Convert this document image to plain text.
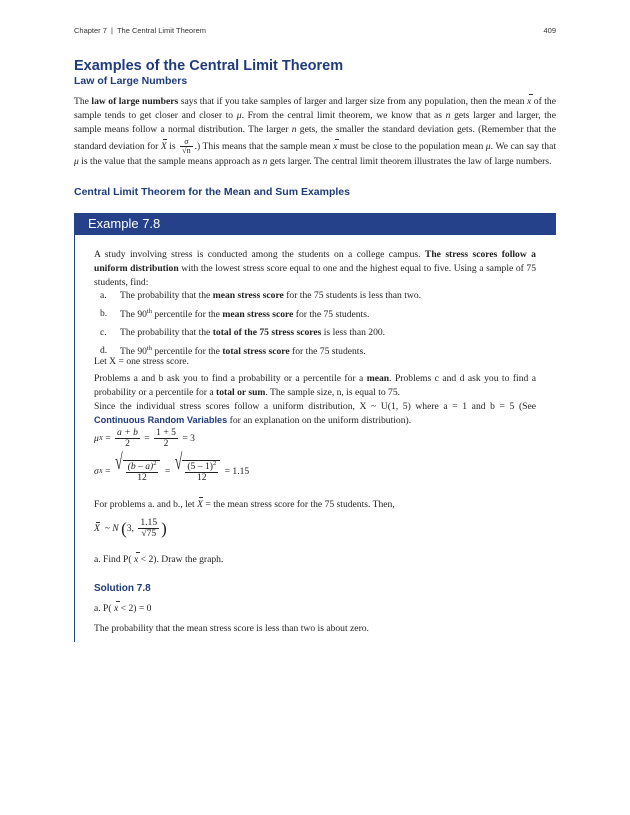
Chapter 7 | The Central Limit Theorem	409
Examples of the Central Limit Theorem
Law of Large Numbers

The law of large numbers says that if you take samples of larger and larger size from any population, then the mean x of the sample tends to get closer and closer to μ. From the central limit theorem, we know that as n gets larger and larger, the sample means follow a normal distribution. The larger n gets, the smaller the standard deviation gets. (Remember that the standard deviation for X is $\frac{\sigma}{√n}$ .) This means that the sample mean x must be close to the population mean μ. We can say that μ is the value that the sample means approach as n gets larger. The central limit theorem illustrates the law of large numbers.

Central Limit Theorem for the Mean and Sum Examples
Example 7.8

A study involving stress is conducted among the students on a college campus. The stress scores follow a uniform distribution with the lowest stress score equal to one and the highest equal to five. Using a sample of 75 students, find:

a.	The probability that the mean stress score for the 75 students is less than two.
b.	The 90th percentile for the mean stress score for the 75 students.
c.	The probability that the total of the 75 stress scores is less than 200.
d.	The 90th percentile for the total stress score for the 75 students.

Let X = one stress score.

Problems a and b ask you to find a probability or a percentile for a mean. Problems c and d ask you to find a probability or a percentile for a total or sum. The sample size, n, is equal to 75.

Since the individual stress scores follow a uniform distribution, X ~ U(1, 5) where a = 1 and b = 5 (See Continuous Random Variables for an explanation on the uniform distribution).

μ $X = \frac{a + b}{2} = \frac{1 + 5}{2}$
= 3
σ X = √ $\frac{(b - a)^2}{12}$ = √ $\frac{(5 - 1)^2}{12}$
= 1.15

For problems a. and b., let X = the mean stress score for the 75 students. Then,

X
~ N
( 3,
$\frac{1.15}{√75}$ )

a. Find P( x < 2). Draw the graph.

Solution 7.8

a. P( x < 2) = 0

The probability that the mean stress score is less than two is about zero.
